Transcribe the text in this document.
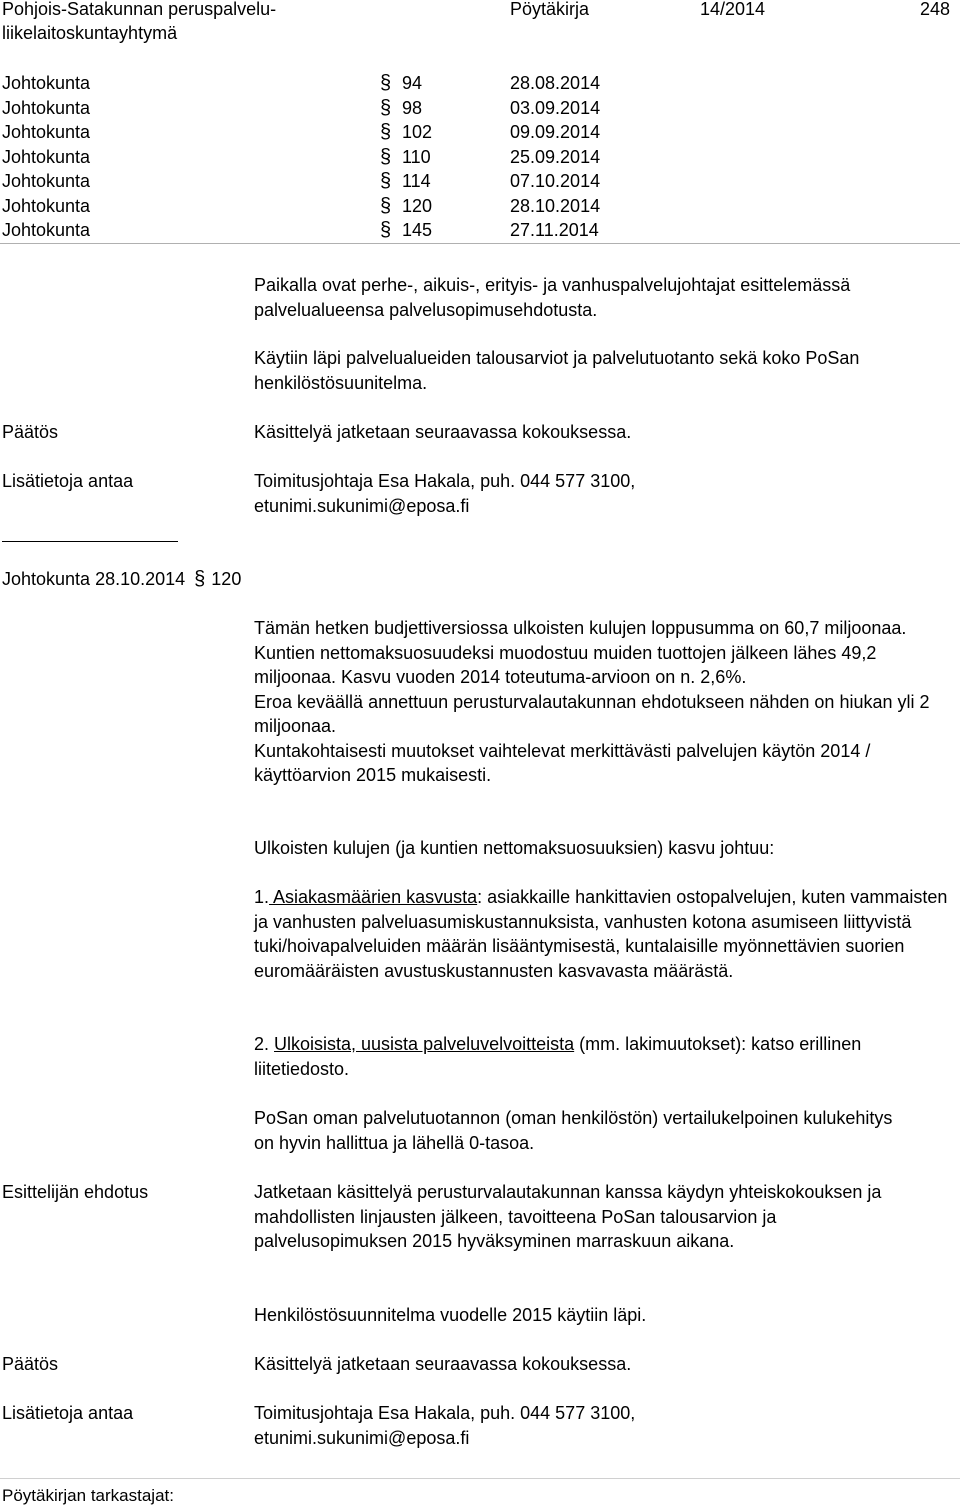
Pohjois-Satakunnan peruspalvelu-
liikelaitoskuntayhtymä
Pöytäkirja	14/2014	248
Johtokunta	§ 94	28.08.2014
Johtokunta	§ 98	03.09.2014
Johtokunta	§ 102	09.09.2014
Johtokunta	§ 110	25.09.2014
Johtokunta	§ 114	07.10.2014
Johtokunta	§ 120	28.10.2014
Johtokunta	§ 145	27.11.2014
Paikalla ovat perhe-, aikuis-, erityis- ja vanhuspalvelujohtajat esittelemässä palvelualueensa palvelusopimusehdotusta.
Käytiin läpi palvelualueiden talousarviot ja palvelutuotanto sekä koko PoSan henkilöstösuunitelma.
Päätös	Käsittelyä jatketaan seuraavassa kokouksessa.
Lisätietoja antaa	Toimitusjohtaja Esa Hakala, puh. 044 577 3100,
etunimi.sukunimi@eposa.fi
Johtokunta 28.10.2014 § 120

Tämän hetken budjettiversiossa ulkoisten kulujen loppusumma on 60,7 miljoonaa.

Kuntien nettomaksuosuudeksi muodostuu muiden tuottojen jälkeen lähes 49,2 miljoonaa. Kasvu vuoden 2014 toteutuma-arvioon on n. 2,6%.

Eroa keväällä annettuun perusturvalautakunnan ehdotukseen nähden on hiukan yli 2 miljoonaa.

Kuntakohtaisesti muutokset vaihtelevat merkittävästi palvelujen käytön 2014 / käyttöarvion 2015 mukaisesti.

Ulkoisten kulujen (ja kuntien nettomaksuosuuksien) kasvu johtuu:
1. Asiakasmäärien kasvusta: asiakkaille hankittavien ostopalvelujen, kuten vammaisten ja vanhusten palveluasumiskustannuksista, vanhusten kotona asumiseen liittyvistä tuki/hoivapalveluiden määrän lisääntymisestä, kuntalaisille myönnettävien suorien euromääräisten avustuskustannusten kasvavasta määrästä.
2. Ulkoisista, uusista palveluvelvoitteista (mm. lakimuutokset): katso erillinen liitetiedosto.
PoSan oman palvelutuotannon (oman henkilöstön) vertailukelpoinen kulukehitys on hyvin hallittua ja lähellä 0-tasoa.
Esittelijän ehdotus	Jatketaan käsittelyä perusturvalautakunnan kanssa käydyn yhteiskokouksen ja mahdollisten linjausten jälkeen, tavoitteena PoSan talousarvion ja palvelusopimuksen 2015 hyväksyminen marraskuun aikana.
Henkilöstösuunnitelma vuodelle 2015 käytiin läpi.
Päätös	Käsittelyä jatketaan seuraavassa kokouksessa.
Lisätietoja antaa	Toimitusjohtaja Esa Hakala, puh. 044 577 3100,
etunimi.sukunimi@eposa.fi
Pöytäkirjan tarkastajat:
